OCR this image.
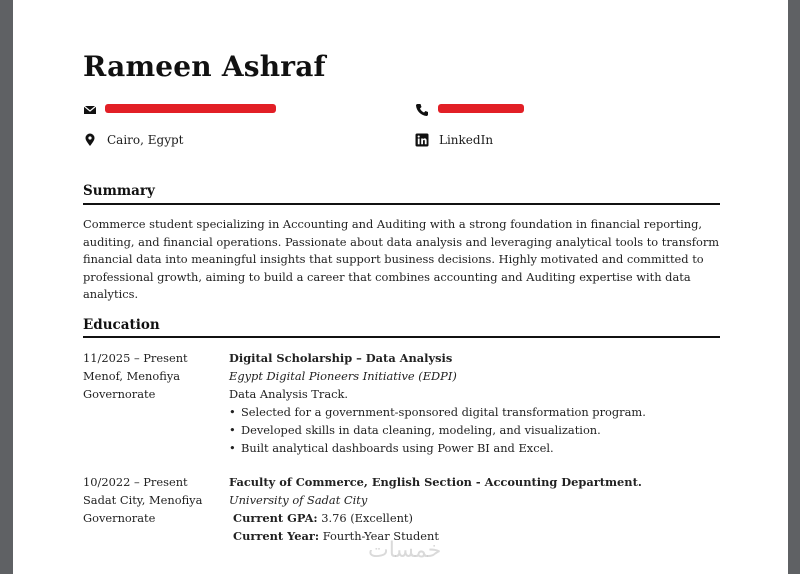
Rameen Ashraf
Cairo, Egypt	LinkedIn
Summary
Commerce student specializing in Accounting and Auditing with a strong foundation in financial reporting, auditing, and financial operations. Passionate about data analysis and leveraging analytical tools to transform financial data into meaningful insights that support business decisions. Highly motivated and committed to professional growth, aiming to build a career that combines accounting and Auditing expertise with data analytics.
Education
11/2025 – Present
Menof, Menofiya
Governorate
Digital Scholarship – Data Analysis
Egypt Digital Pioneers Initiative (EDPI)
Data Analysis Track.
• Selected for a government-sponsored digital transformation program.
• Developed skills in data cleaning, modeling, and visualization.
• Built analytical dashboards using Power BI and Excel.
10/2022 – Present
Sadat City, Menofiya
Governorate
Faculty of Commerce, English Section - Accounting Department.
University of Sadat City
Current GPA: 3.76 (Excellent)
Current Year: Fourth-Year Student
خمسات
